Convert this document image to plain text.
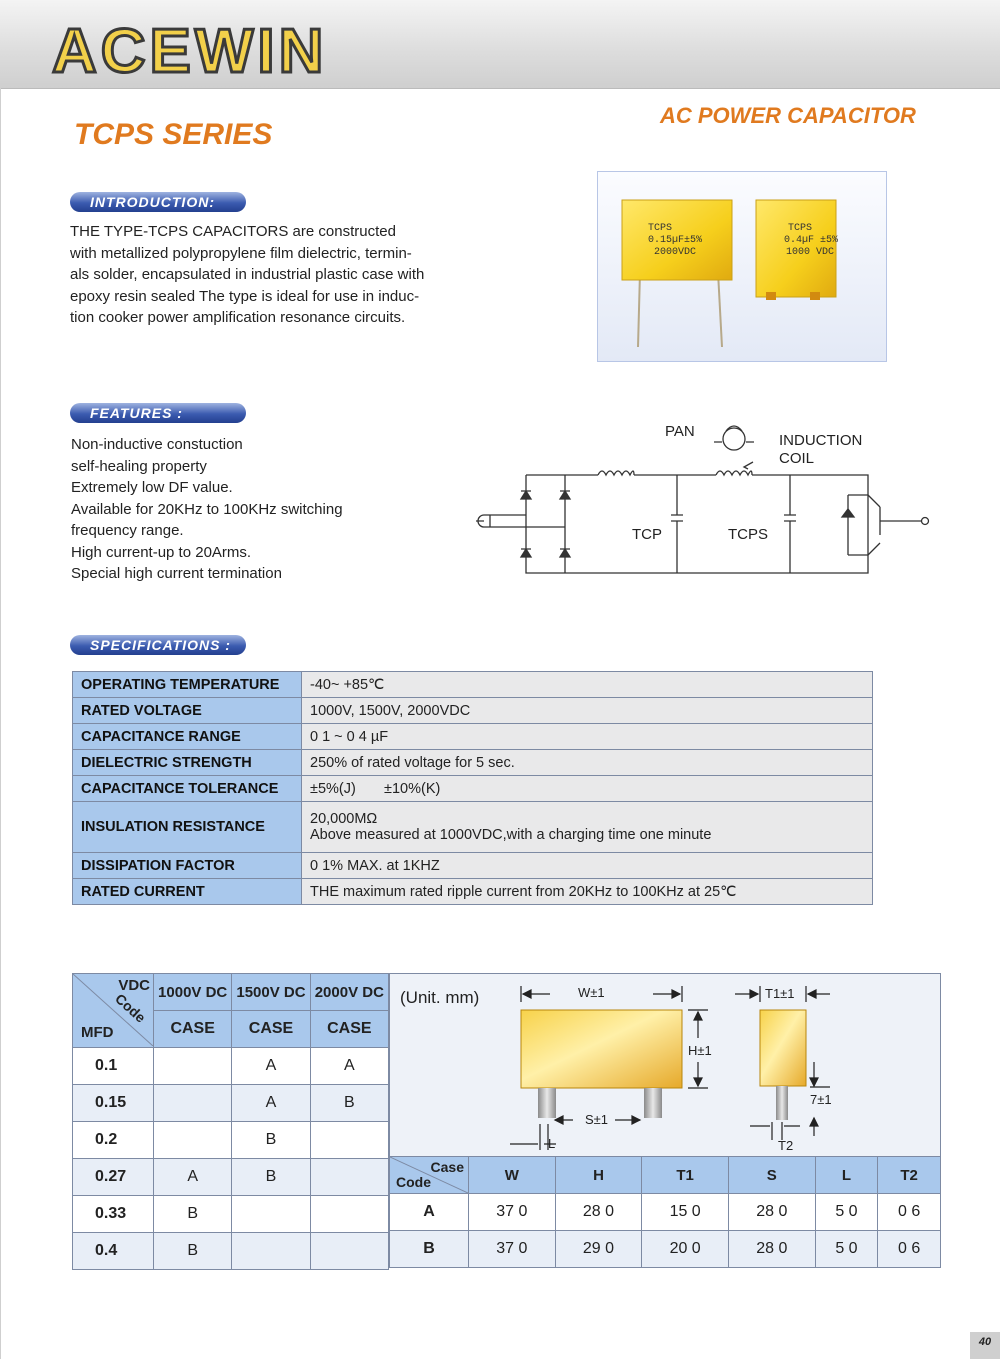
ACEWIN
AC POWER CAPACITOR
TCPS SERIES
INTRODUCTION:
THE TYPE-TCPS CAPACITORS are constructed
with metallized polypropylene film dielectric, termin-
als solder, encapsulated in industrial plastic case with
epoxy resin sealed The type is ideal for use in induc-
tion cooker power amplification resonance circuits.
TCPS
0.15µF±5%
2000VDC
TCPS
0.4µF ±5%
1000 VDC
FEATURES :
Non-inductive constuction
self-healing property
Extremely low DF value.
Available for 20KHz to 100KHz switching
frequency range.
High current-up to 20Arms.
Special high current termination
PAN
INDUCTION
COIL
TCP	TCPS
SPECIFICATIONS :
OPERATING TEMPERATURE	-40~ +85℃
RATED VOLTAGE	1000V, 1500V, 2000VDC
CAPACITANCE RANGE	0 1 ~ 0 4 µF
DIELECTRIC STRENGTH	250% of rated voltage for 5 sec.
CAPACITANCE TOLERANCE	±5%(J)       ±10%(K)
INSULATION RESISTANCE	20,000MΩ
Above measured at 1000VDC,with a charging time one minute

DISSIPATION FACTOR	0 1% MAX. at 1KHZ
RATED CURRENT	THE maximum rated ripple current from 20KHz to 100KHz at 25℃
VDC
Code
MFD	1000V DC	1500V DC	2000V DC
	CASE	CASE	CASE
0.1		A	A
0.15		A	B
0.2		B	
0.27	A	B	
0.33	B		
0.4	B		
(Unit. mm)	W±1
H±1
T1±1
S±1
L
7±1
T2
Case
Code	W	H	T1	S	L	T2
A	37 0	28 0	15 0	28 0	5 0	0 6
B	37 0	29 0	20 0	28 0	5 0	0 6
40
